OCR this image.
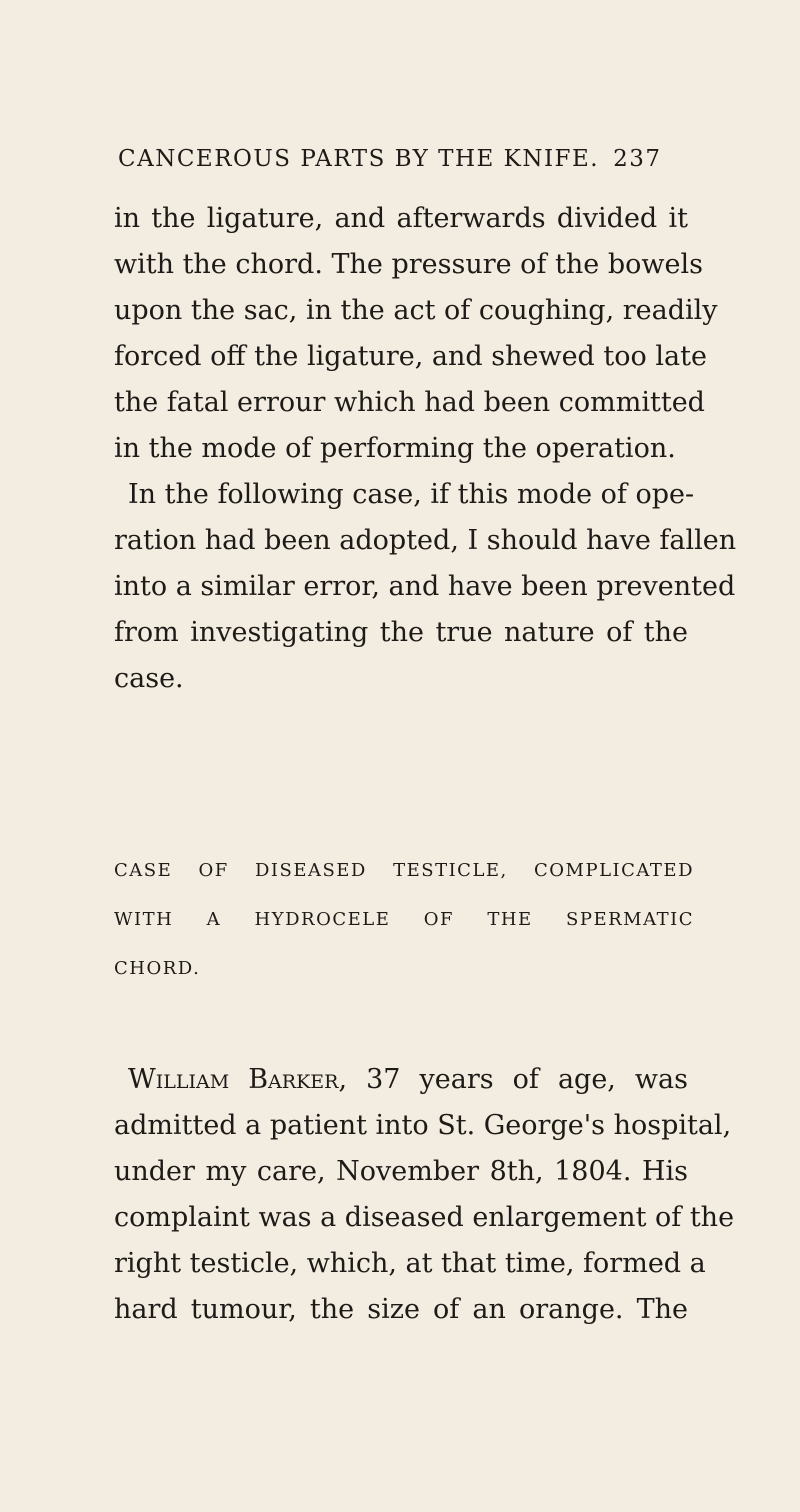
CANCEROUS PARTS BY THE KNIFE. 237
in the ligature, and afterwards divided it
with the chord. The pressure of the bowels
upon the sac, in the act of coughing, readily
forced off the ligature, and shewed too late
the fatal errour which had been committed
in the mode of performing the operation.
In the following case, if this mode of ope-
ration had been adopted, I should have fallen
into a similar error, and have been prevented
from investigating the true nature of the
case.
CASE OF DISEASED TESTICLE, COMPLICATED
WITH A HYDROCELE OF THE SPERMATIC
CHORD.
William Barker, 37 years of age, was
admitted a patient into St. George's hospital,
under my care, November 8th, 1804. His
complaint was a diseased enlargement of the
right testicle, which, at that time, formed a
hard tumour, the size of an orange. The
